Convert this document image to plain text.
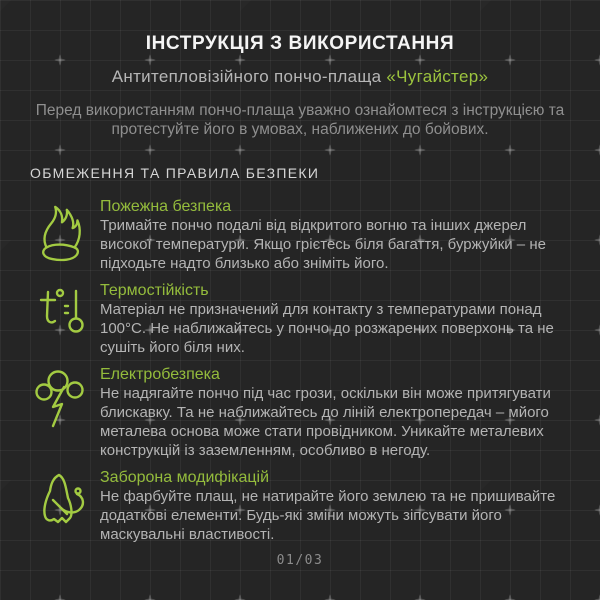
ІНСТРУКЦІЯ З ВИКОРИСТАННЯ
Антитепловізійного пончо-плаща «Чугайстер»
Перед використанням пончо-плаща уважно ознайомтеся з інструкцією та протестуйте його в умовах, наближених до бойових.
ОБМЕЖЕННЯ ТА ПРАВИЛА БЕЗПЕКИ
Пожежна безпека
Тримайте пончо подалі від відкритого вогню та інших джерел високої температури. Якщо грієтесь біля багаття, буржуйки – не підходьте надто близько або зніміть його.
Термостійкість
Матеріал не призначений для контакту з температурами понад 100°С. Не наближайтесь у пончо до розжарених поверхонь та не сушіть його біля них.
Електробезпека
Не надягайте пончо під час грози, оскільки він може притягувати блискавку. Та не наближайтесь до ліній електропередач – мйого металева основа може стати провідником. Уникайте металевих конструкцій із заземленням, особливо в негоду.
Заборона модифікацій
Не фарбуйте плащ, не натирайте його землею та не пришивайте додаткові елементи. Будь-які зміни можуть зіпсувати його маскувальні властивості.
01/03
